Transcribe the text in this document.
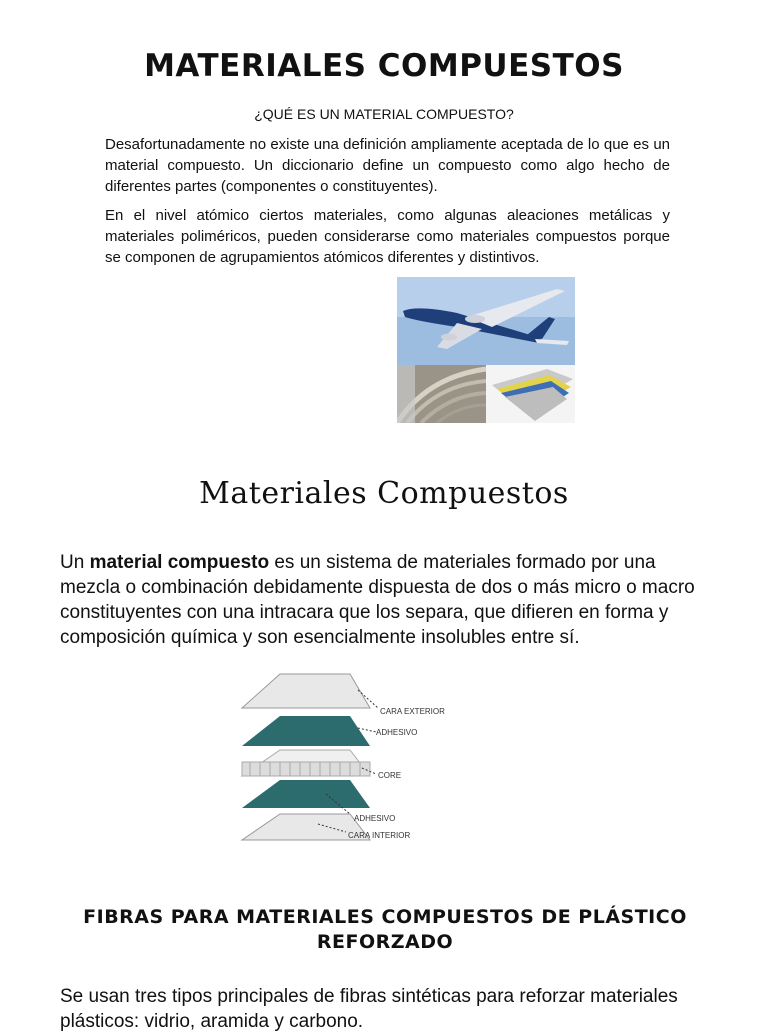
MATERIALES COMPUESTOS
¿QUÉ ES UN MATERIAL COMPUESTO?
Desafortunadamente no existe una definición ampliamente aceptada de lo que es un material compuesto. Un diccionario define un compuesto como algo hecho de diferentes partes (componentes o constituyentes).
En el nivel atómico ciertos materiales, como algunas aleaciones metálicas y materiales poliméricos, pueden considerarse como materiales compuestos porque se componen de agrupamientos atómicos diferentes y distintivos.
Materiales Compuestos
Un material compuesto es un sistema de materiales formado por una mezcla o combinación debidamente dispuesta de dos o más micro o macro constituyentes con una intracara que los separa, que difieren en forma y composición química y son esencialmente insolubles entre sí.
CARA EXTERIOR
ADHESIVO
CORE
ADHESIVO
CARA INTERIOR
FIBRAS PARA MATERIALES COMPUESTOS DE PLÁSTICO REFORZADO
Se usan tres tipos principales de fibras sintéticas para reforzar materiales plásticos: vidrio, aramida y carbono.
